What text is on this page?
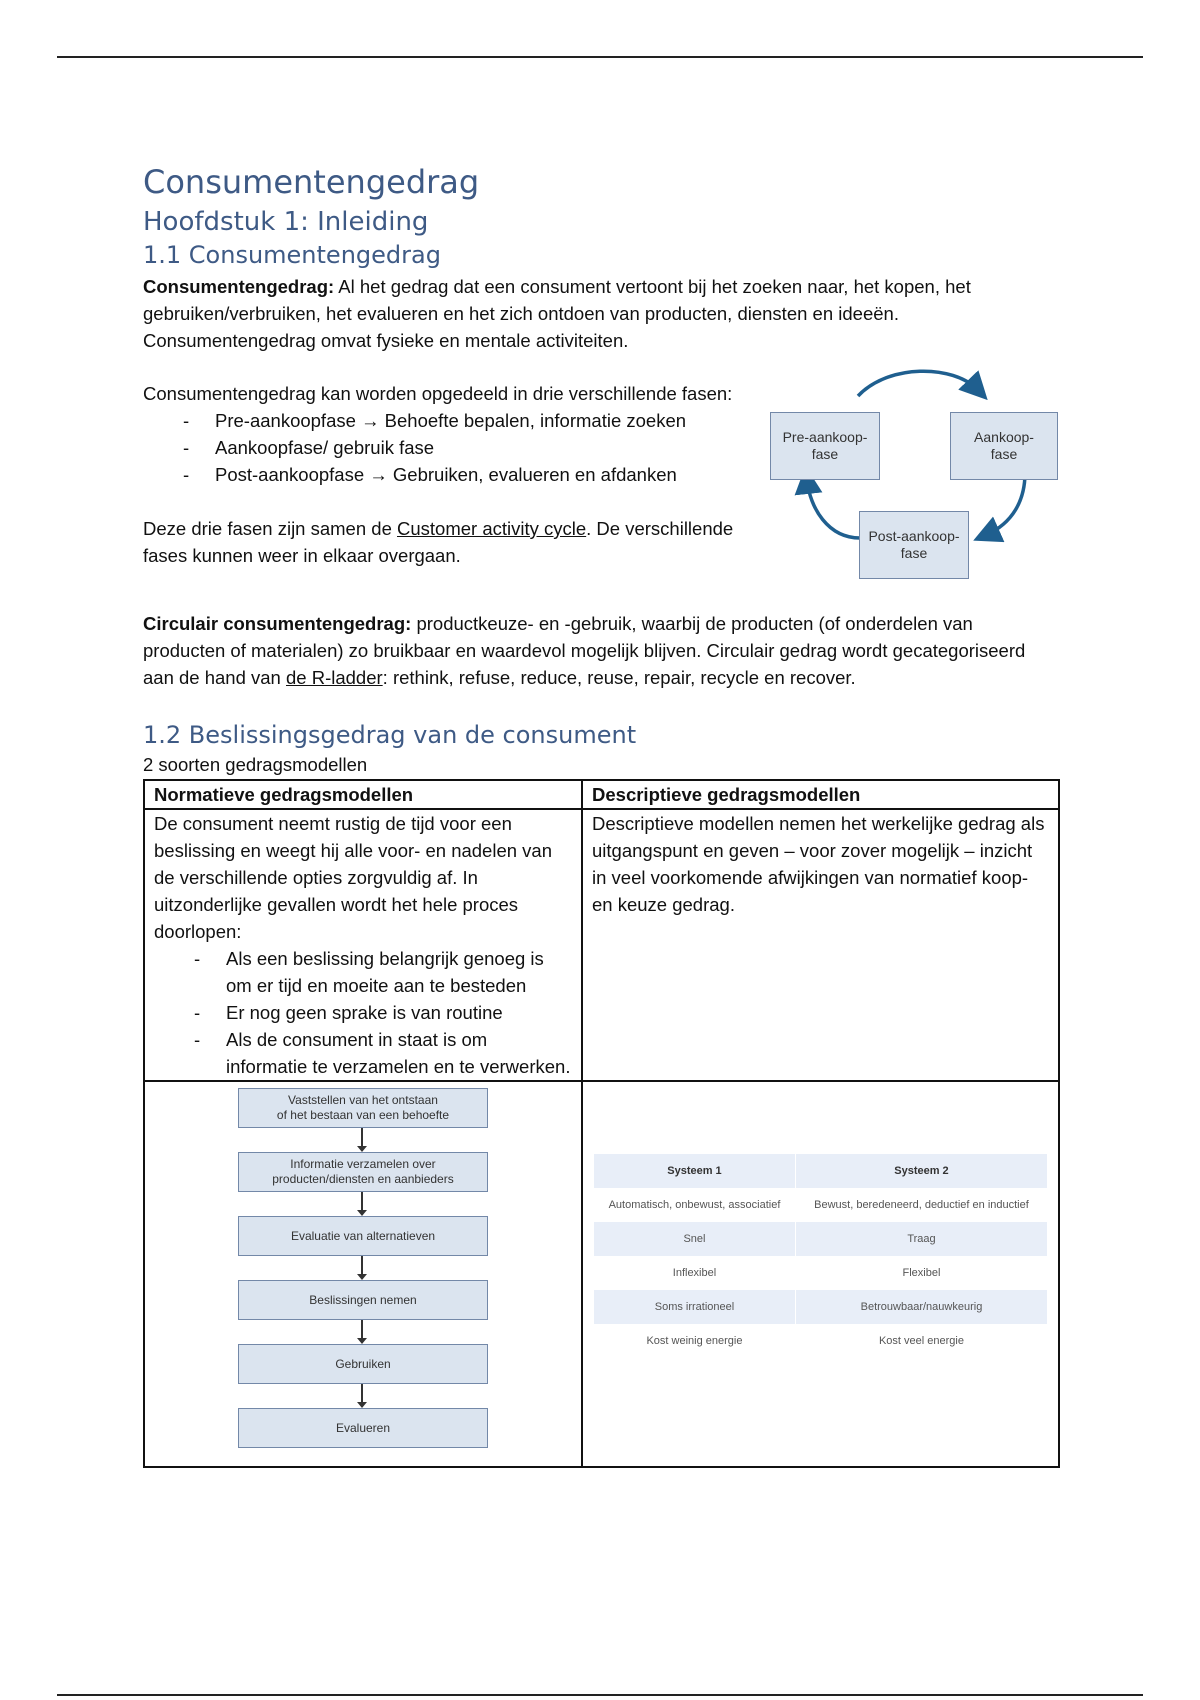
Consumentengedrag
Hoofdstuk 1: Inleiding
1.1 Consumentengedrag

Consumentengedrag: Al het gedrag dat een consument vertoont bij het zoeken naar, het kopen, het gebruiken/verbruiken, het evalueren en het zich ontdoen van producten, diensten en ideeën. Consumentengedrag omvat fysieke en mentale activiteiten.

Consumentengedrag kan worden opgedeeld in drie verschillende fasen:

- Pre-aankoopfase → Behoefte bepalen, informatie zoeken
- Aankoopfase/ gebruik fase
- Post-aankoopfase → Gebruiken, evalueren en afdanken

Deze drie fasen zijn samen de Customer activity cycle. De verschillende fases kunnen weer in elkaar overgaan.

Pre-aankoop-
fase
Aankoop-
fase
Post-aankoop-
fase

Circulair consumentengedrag: productkeuze- en -gebruik, waarbij de producten (of onderdelen van producten of materialen) zo bruikbaar en waardevol mogelijk blijven. Circulair gedrag wordt gecategoriseerd aan de hand van de R-ladder: rethink, refuse, reduce, reuse, repair, recycle en recover.

1.2 Beslissingsgedrag van de consument

2 soorten gedragsmodellen

Normatieve gedragsmodellen	Descriptieve gedragsmodellen

De consument neemt rustig de tijd voor een beslissing en weegt hij alle voor- en nadelen van de verschillende opties zorgvuldig af. In uitzonderlijke gevallen wordt het hele proces doorlopen:
- Als een beslissing belangrijk genoeg is om er tijd en moeite aan te besteden
- Er nog geen sprake is van routine
- Als de consument in staat is om informatie te verzamelen en te verwerken.

Descriptieve modellen nemen het werkelijke gedrag als uitgangspunt en geven – voor zover mogelijk – inzicht in veel voorkomende afwijkingen van normatief koop- en keuze gedrag.

Vaststellen van het ontstaan
of het bestaan van een behoefte
Informatie verzamelen over
producten/diensten en aanbieders
Evaluatie van alternatieven
Beslissingen nemen
Gebruiken
Evalueren

Systeem 1	Systeem 2
Automatisch, onbewust, associatief	Bewust, beredeneerd, deductief en inductief
Snel	Traag
Inflexibel	Flexibel
Soms irrationeel	Betrouwbaar/nauwkeurig
Kost weinig energie	Kost veel energie
